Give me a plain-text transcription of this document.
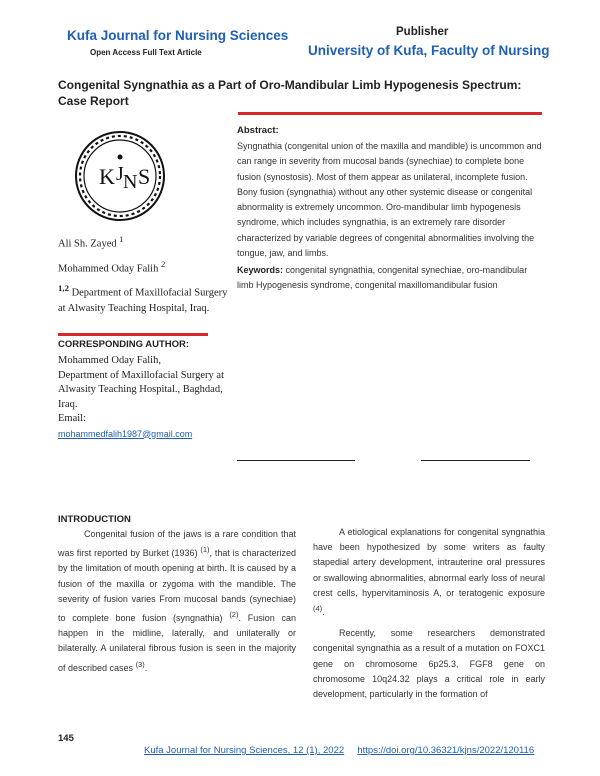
Kufa Journal for Nursing Sciences
Open Access Full Text Article
Publisher
University of Kufa, Faculty of Nursing
Congenital Syngnathia as a Part of Oro-Mandibular Limb Hypogenesis Spectrum: Case Report
K J N S

Ali Sh. Zayed $^1$

Mohammed Oday Falih $^2$

$^{1,2}$ Department of Maxillofacial Surgery at Alwasity Teaching Hospital, Iraq.

CORRESPONDING AUTHOR:
Mohammed Oday Falih,
Department of Maxillofacial Surgery at Alwasity Teaching Hospital., Baghdad, Iraq.
Email:
mohammedfalih1987@gmail.com
Abstract:
Syngnathia (congenital union of the maxilla and mandible) is uncommon and can range in severity from mucosal bands (synechiae) to complete bone fusion (synostosis). Most of them appear as unilateral, incomplete fusion. Bony fusion (syngnathia) without any other systemic disease or congenital abnormality is extremely uncommon. Oro-mandibular limb hypogenesis syndrome, which includes syngnathia, is an extremely rare disorder characterized by variable degrees of congenital abnormalities involving the tongue, jaw, and limbs.
Keywords: congenital syngnathia, congenital synechiae, oro-mandibular limb Hypogenesis syndrome, congenital maxillomandibular fusion
INTRODUCTION

Congenital fusion of the jaws is a rare condition that was first reported by Burket (1936) $^{(1)}$, that is characterized by the limitation of mouth opening at birth. It is caused by a fusion of the maxilla or zygoma with the mandible. The severity of fusion varies From mucosal bands (synechiae) to complete bone fusion (syngnathia) $^{(2)}$. Fusion can happen in the midline, laterally, and unilaterally or bilaterally. A unilateral fibrous fusion is seen in the majority of described cases $^{(3)}$.

A etiological explanations for congenital syngnathia have been hypothesized by some writers as faulty stapedial artery development, intrauterine oral pressures or swallowing abnormalities, abnormal early loss of neural crest cells, hypervitaminosis A, or teratogenic exposure $^{(4)}$.

Recently, some researchers demonstrated congenital syngnathia as a result of a mutation on FOXC1 gene on chromosome 6p25.3, FGF8 gene on chromosome 10q24.32 plays a critical role in early development, particularly in the formation of

145
Kufa Journal for Nursing Sciences, 12 (1), 2022 https://doi.org/10.36321/kjns/2022/120116
